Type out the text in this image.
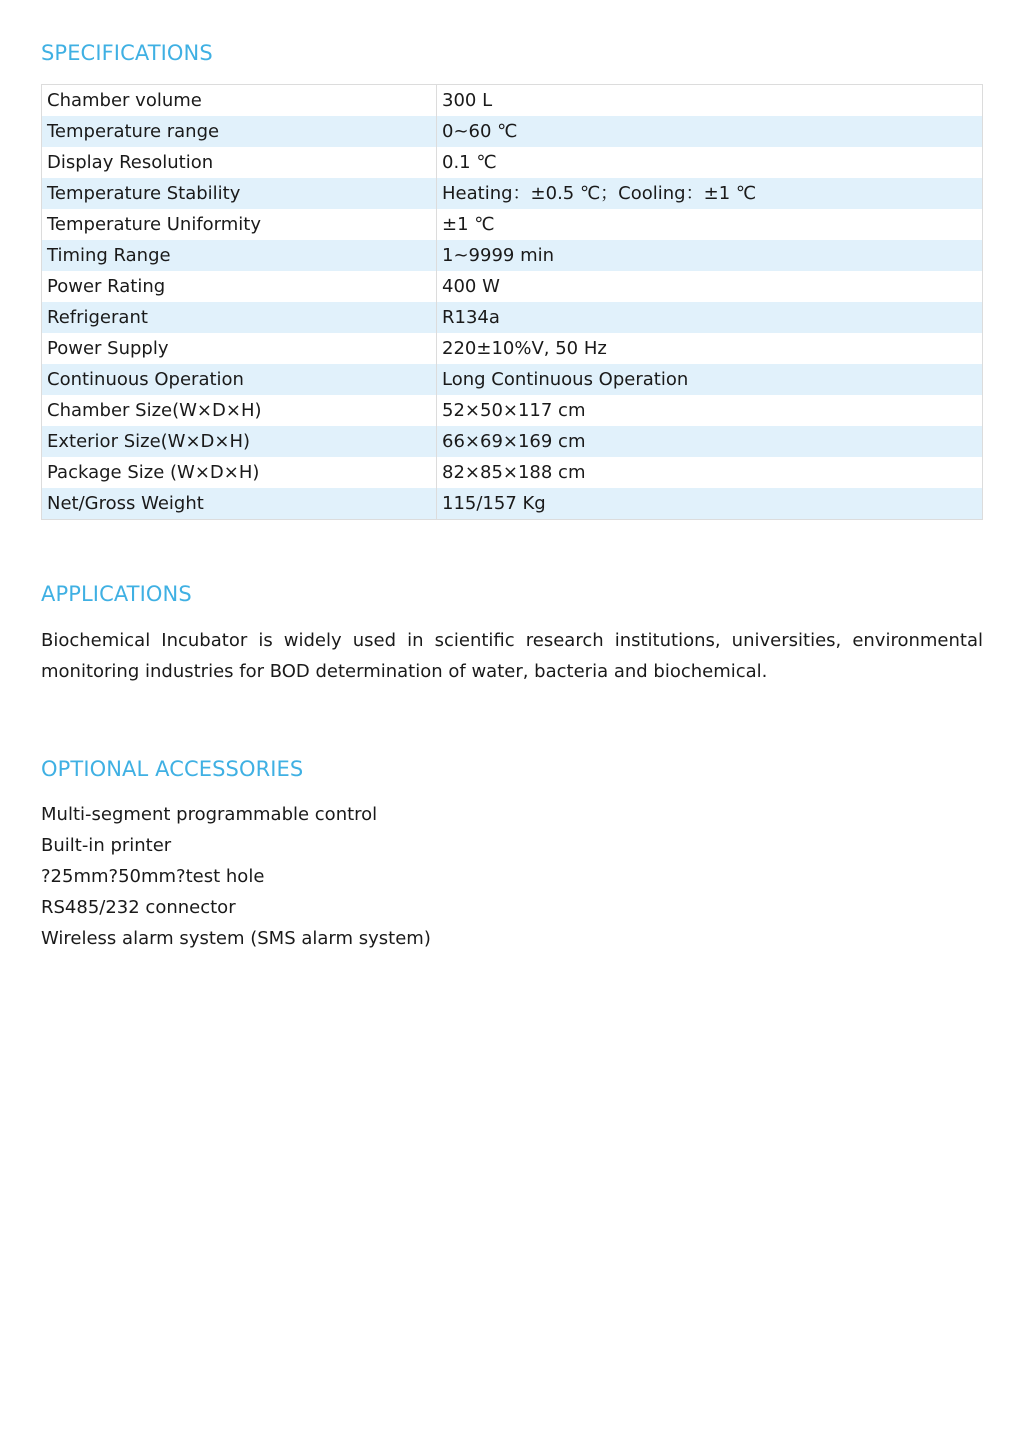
SPECIFICATIONS
Chamber volume	300 L
Temperature range	0~60 ℃
Display Resolution	0.1 ℃
Temperature Stability	Heating：±0.5 ℃；Cooling：±1 ℃
Temperature Uniformity	±1 ℃
Timing Range	1~9999 min
Power Rating	400 W
Refrigerant	R134a
Power Supply	220±10%V, 50 Hz
Continuous Operation	Long Continuous Operation
Chamber Size(W×D×H)	52×50×117 cm
Exterior Size(W×D×H)	66×69×169 cm
Package Size (W×D×H)	82×85×188 cm
Net/Gross Weight	115/157 Kg
APPLICATIONS

Biochemical Incubator is widely used in scientific research institutions, universities, environmental monitoring industries for BOD determination of water, bacteria and biochemical.

OPTIONAL ACCESSORIES
Multi-segment programmable control
Built-in printer
?25mm?50mm?test hole
RS485/232 connector
Wireless alarm system (SMS alarm system)
